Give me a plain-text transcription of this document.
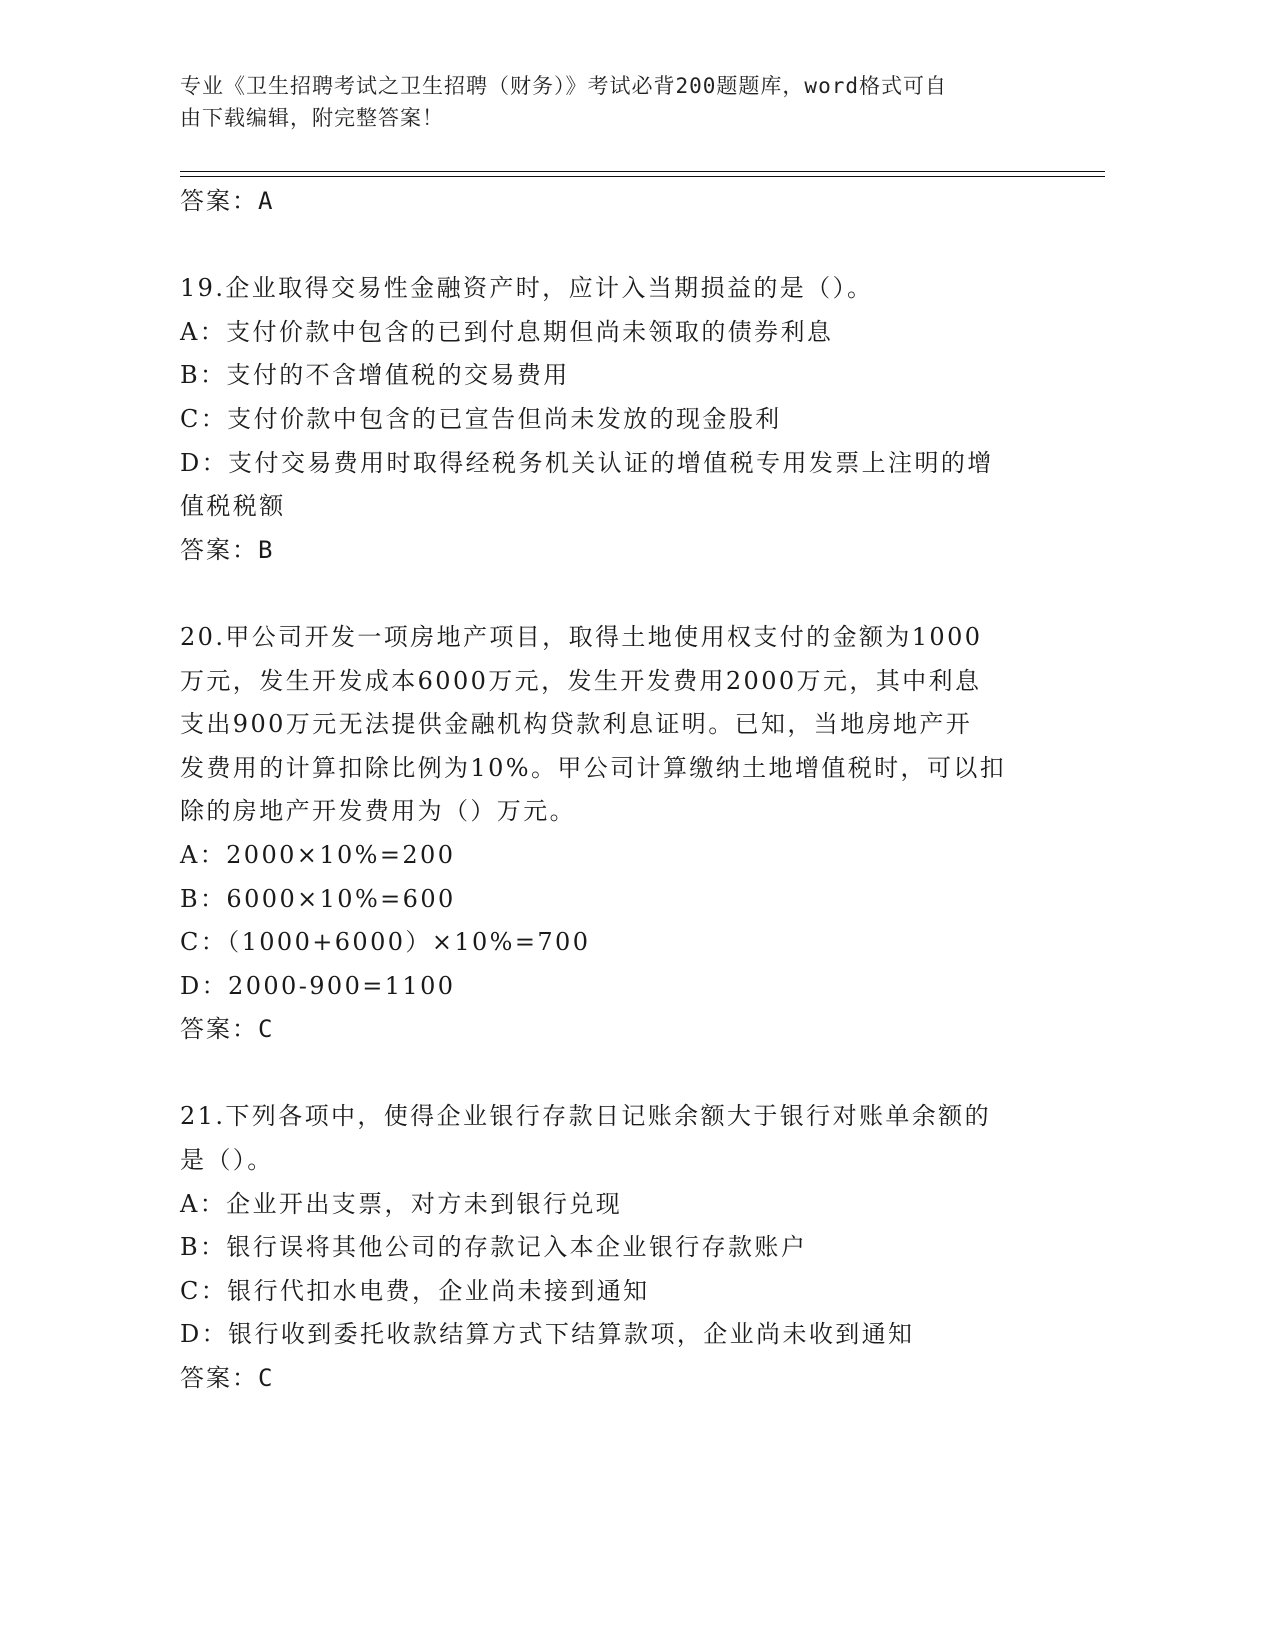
专业《卫生招聘考试之卫生招聘（财务）》考试必背200题题库，word格式可自
由下载编辑，附完整答案！
答案：A
19.企业取得交易性金融资产时，应计入当期损益的是（）。
A：支付价款中包含的已到付息期但尚未领取的债券利息
B：支付的不含增值税的交易费用
C：支付价款中包含的已宣告但尚未发放的现金股利
D：支付交易费用时取得经税务机关认证的增值税专用发票上注明的增
值税税额
答案：B
20.甲公司开发一项房地产项目，取得土地使用权支付的金额为1000
万元，发生开发成本6000万元，发生开发费用2000万元，其中利息
支出900万元无法提供金融机构贷款利息证明。已知，当地房地产开
发费用的计算扣除比例为10%。甲公司计算缴纳土地增值税时，可以扣
除的房地产开发费用为（）万元。
A：2000×10%=200
B：6000×10%=600
C：（1000+6000）×10%=700
D：2000-900=1100
答案：C
21.下列各项中，使得企业银行存款日记账余额大于银行对账单余额的
是（）。
A：企业开出支票，对方未到银行兑现
B：银行误将其他公司的存款记入本企业银行存款账户
C：银行代扣水电费，企业尚未接到通知
D：银行收到委托收款结算方式下结算款项，企业尚未收到通知
答案：C
